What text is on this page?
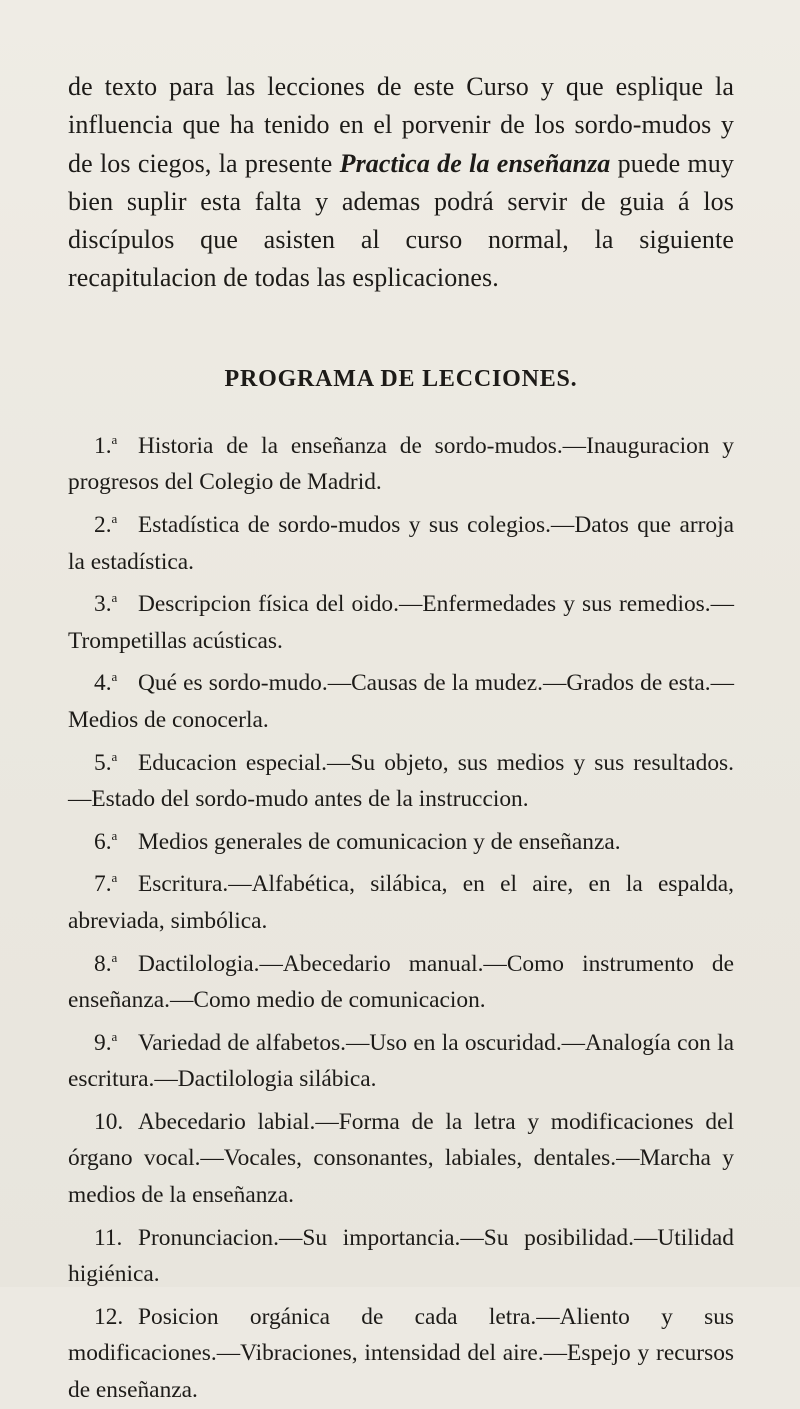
de texto para las lecciones de este Curso y que esplique la influencia que ha tenido en el porvenir de los sordo-mudos y de los ciegos, la presente Practica de la enseñanza puede muy bien suplir esta falta y ademas podrá servir de guia á los discípulos que asisten al curso normal, la siguiente recapitulacion de todas las esplicaciones.

PROGRAMA DE LECCIONES.
1.$^a$ Historia de la enseñanza de sordo-mudos.—Inauguracion y progresos del Colegio de Madrid.
2.$^a$ Estadística de sordo-mudos y sus colegios.—Datos que arroja la estadística.
3.$^a$ Descripcion física del oido.—Enfermedades y sus remedios.—Trompetillas acústicas.
4.$^a$ Qué es sordo-mudo.—Causas de la mudez.—Grados de esta.—Medios de conocerla.
5.$^a$ Educacion especial.—Su objeto, sus medios y sus resultados.—Estado del sordo-mudo antes de la instruccion.
6.$^a$ Medios generales de comunicacion y de enseñanza.
7.$^a$ Escritura.—Alfabética, silábica, en el aire, en la espalda, abreviada, simbólica.
8.$^a$ Dactilologia.—Abecedario manual.—Como instrumento de enseñanza.—Como medio de comunicacion.
9.$^a$ Variedad de alfabetos.—Uso en la oscuridad.—Analogía con la escritura.—Dactilologia silábica.
10. Abecedario labial.—Forma de la letra y modificaciones del órgano vocal.—Vocales, consonantes, labiales, dentales.—Marcha y medios de la enseñanza.
11. Pronunciacion.—Su importancia.—Su posibilidad.—Utilidad higiénica.
12. Posicion orgánica de cada letra.—Aliento y sus modificaciones.—Vibraciones, intensidad del aire.—Espejo y recursos de enseñanza.
